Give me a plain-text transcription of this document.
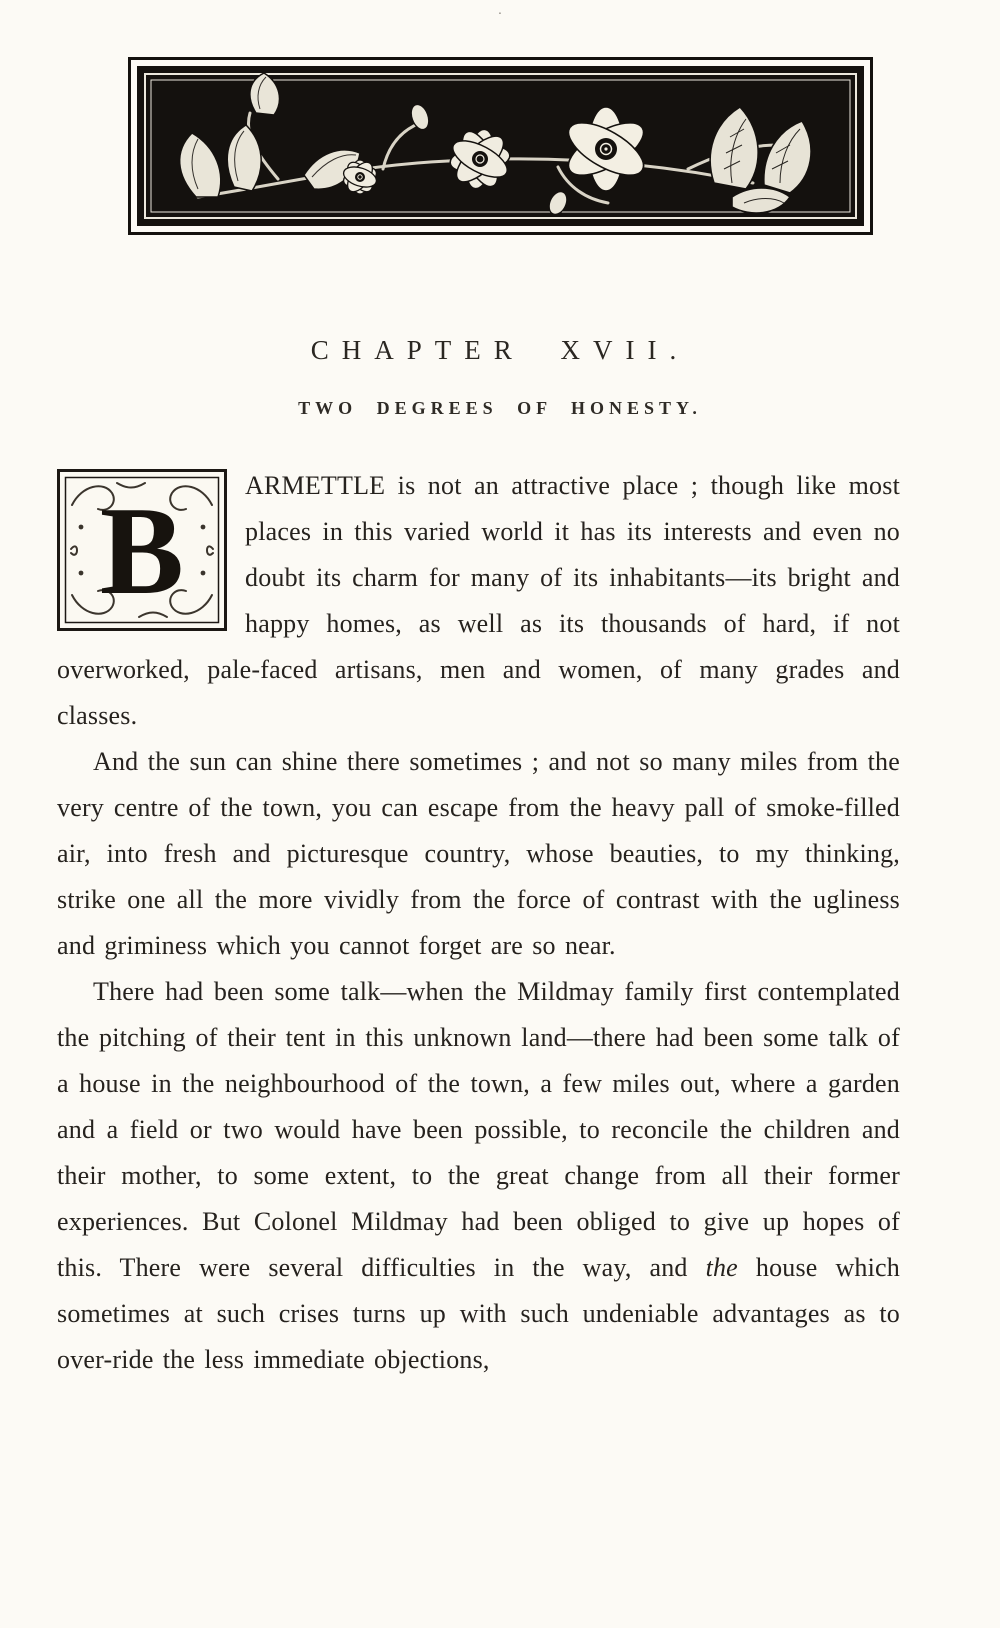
·
CHAPTER XVII.
TWO DEGREES OF HONESTY.

B ARMETTLE is not an attractive place ; though like most places in this varied world it has its interests and even no doubt its charm for many of its inhabitants—its bright and happy homes, as well as its thousands of hard, if not overworked, pale-faced artisans, men and women, of many grades and classes.

And the sun can shine there sometimes ; and not so many miles from the very centre of the town, you can escape from the heavy pall of smoke-filled air, into fresh and picturesque country, whose beauties, to my thinking, strike one all the more vividly from the force of contrast with the ugliness and griminess which you cannot forget are so near.

There had been some talk—when the Mildmay family first contemplated the pitching of their tent in this unknown land—there had been some talk of a house in the neighbourhood of the town, a few miles out, where a garden and a field or two would have been possible, to reconcile the children and their mother, to some extent, to the great change from all their former experiences. But Colonel Mildmay had been obliged to give up hopes of this. There were several difficulties in the way, and the house which sometimes at such crises turns up with such undeniable advantages as to over-ride the less immediate objections,
